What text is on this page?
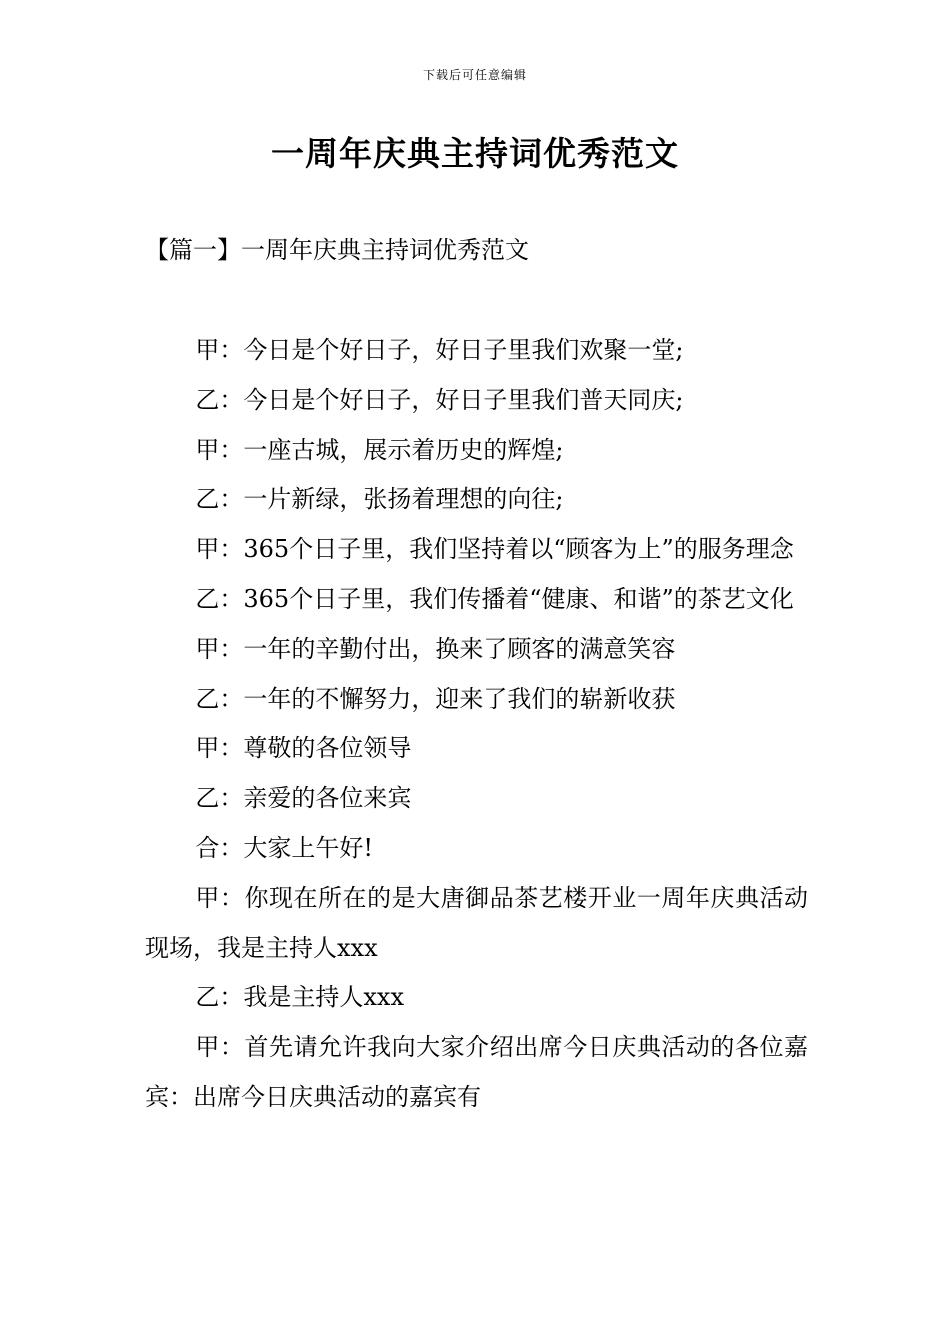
下载后可任意编辑
一周年庆典主持词优秀范文
【篇一】一周年庆典主持词优秀范文

甲：今日是个好日子，好日子里我们欢聚一堂;

乙：今日是个好日子，好日子里我们普天同庆;

甲：一座古城，展示着历史的辉煌;

乙：一片新绿，张扬着理想的向往;

甲：365个日子里，我们坚持着以“顾客为上”的服务理念

乙：365个日子里，我们传播着“健康、和谐”的茶艺文化

甲：一年的辛勤付出，换来了顾客的满意笑容

乙：一年的不懈努力，迎来了我们的崭新收获

甲：尊敬的各位领导

乙：亲爱的各位来宾

合：大家上午好!

甲：你现在所在的是大唐御品茶艺楼开业一周年庆典活动现场，我是主持人xxx

乙：我是主持人xxx

甲：首先请允许我向大家介绍出席今日庆典活动的各位嘉宾：出席今日庆典活动的嘉宾有
